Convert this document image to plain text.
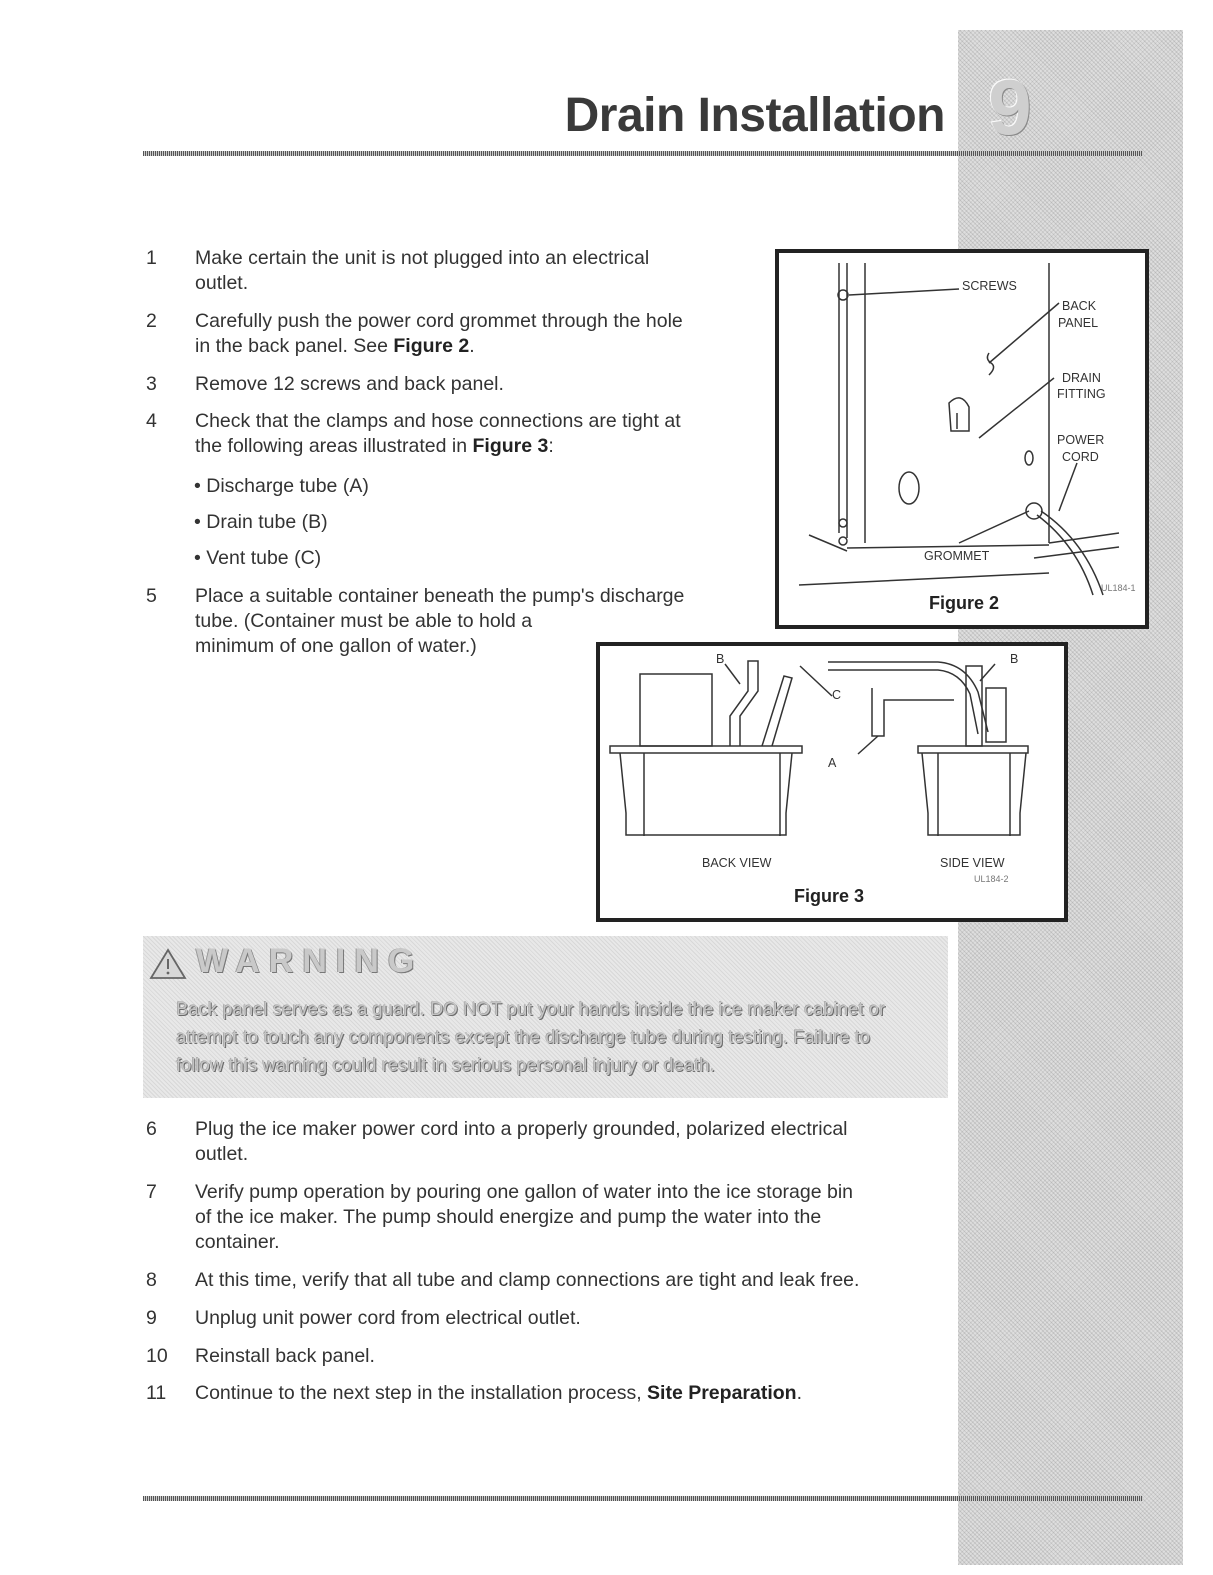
9
Drain Installation
1	Make certain the unit is not plugged into an electrical
outlet.
2	Carefully push the power cord grommet through the hole
in the back panel. See Figure 2.
3	Remove 12 screws and back panel.
4	Check that the clamps and hose connections are tight at
the following areas illustrated in Figure 3:
• Discharge tube (A)
• Drain tube (B)
• Vent tube (C)
5	Place a suitable container beneath the pump's discharge
tube. (Container must be able to hold a
minimum of one gallon of water.)
SCREWS
BACK
PANEL
DRAIN
FITTING
POWER
CORD
GROMMET
Figure 2
UL184-1
B
C
B
A
BACK VIEW	SIDE VIEW
UL184-2
Figure 3
WARNING
Back panel serves as a guard. DO NOT put your hands inside the ice maker cabinet or
attempt to touch any components except the discharge tube during testing. Failure to
follow this warning could result in serious personal injury or death.
6	Plug the ice maker power cord into a properly grounded, polarized electrical
outlet.
7	Verify pump operation by pouring one gallon of water into the ice storage bin
of the ice maker. The pump should energize and pump the water into the
container.
8	At this time, verify that all tube and clamp connections are tight and leak free.
9	Unplug unit power cord from electrical outlet.
10	Reinstall back panel.
11	Continue to the next step in the installation process, Site Preparation.
